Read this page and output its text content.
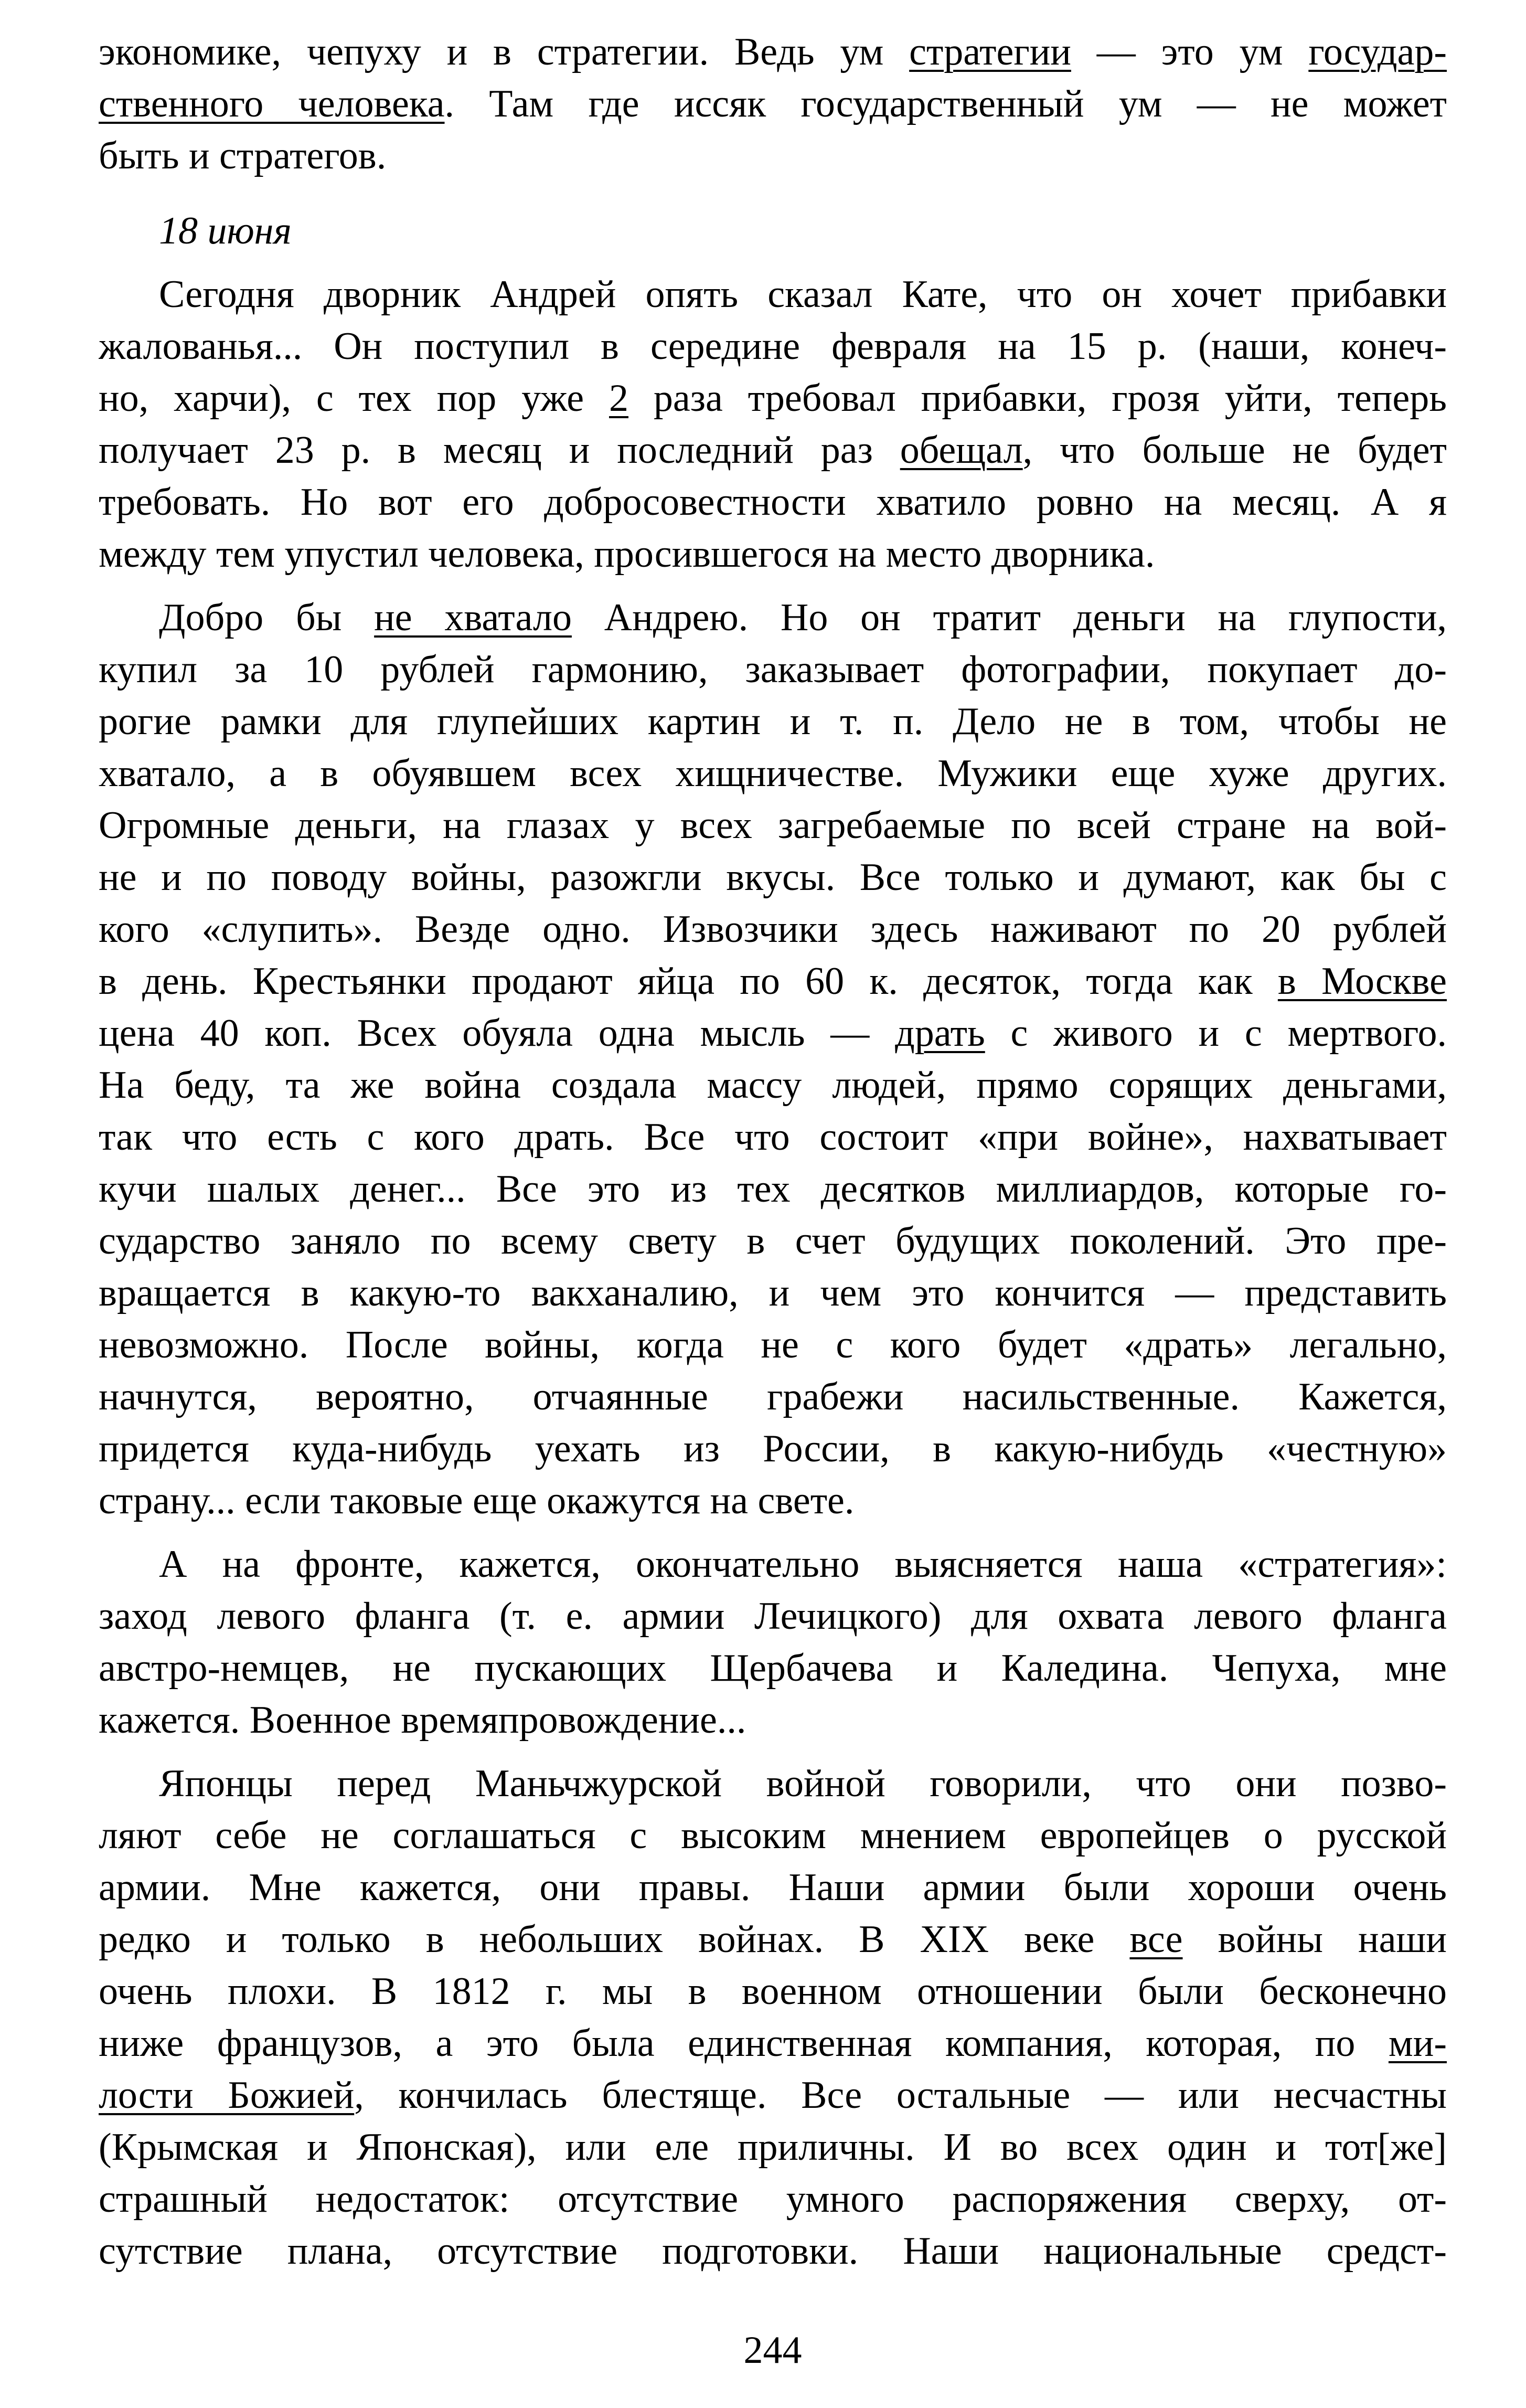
экономике, чепуху и в стратегии. Ведь ум стратегии — это ум государ-
ственного человека. Там где иссяк государственный ум — не может
быть и стратегов.
18 июня
Сегодня дворник Андрей опять сказал Кате, что он хочет прибавки
жалованья... Он поступил в середине февраля на 15 р. (наши, конеч-
но, харчи), с тех пор уже 2 раза требовал прибавки, грозя уйти, теперь
получает 23 р. в месяц и последний раз обещал, что больше не будет
требовать. Но вот его добросовестности хватило ровно на месяц. А я
между тем упустил человека, просившегося на место дворника.
Добро бы не хватало Андрею. Но он тратит деньги на глупости,
купил за 10 рублей гармонию, заказывает фотографии, покупает до-
рогие рамки для глупейших картин и т. п. Дело не в том, чтобы не
хватало, а в обуявшем всех хищничестве. Мужики еще хуже других.
Огромные деньги, на глазах у всех загребаемые по всей стране на вой-
не и по поводу войны, разожгли вкусы. Все только и думают, как бы с
кого «слупить». Везде одно. Извозчики здесь наживают по 20 рублей
в день. Крестьянки продают яйца по 60 к. десяток, тогда как в Москве
цена 40 коп. Всех обуяла одна мысль — драть с живого и с мертвого.
На беду, та же война создала массу людей, прямо сорящих деньгами,
так что есть с кого драть. Все что состоит «при войне», нахватывает
кучи шалых денег... Все это из тех десятков миллиардов, которые го-
сударство заняло по всему свету в счет будущих поколений. Это пре-
вращается в какую-то вакханалию, и чем это кончится — представить
невозможно. После войны, когда не с кого будет «драть» легально,
начнутся, вероятно, отчаянные грабежи насильственные. Кажется,
придется куда-нибудь уехать из России, в какую-нибудь «честную»
страну... если таковые еще окажутся на свете.
А на фронте, кажется, окончательно выясняется наша «стратегия»:
заход левого фланга (т. е. армии Лечицкого) для охвата левого фланга
австро-немцев, не пускающих Щербачева и Каледина. Чепуха, мне
кажется. Военное времяпровождение...
Японцы перед Маньчжурской войной говорили, что они позво-
ляют себе не соглашаться с высоким мнением европейцев о русской
армии. Мне кажется, они правы. Наши армии были хороши очень
редко и только в небольших войнах. В XIX веке все войны наши
очень плохи. В 1812 г. мы в военном отношении были бесконечно
ниже французов, а это была единственная компания, которая, по ми-
лости Божией, кончилась блестяще. Все остальные — или несчастны
(Крымская и Японская), или еле приличны. И во всех один и тот[же]
страшный недостаток: отсутствие умного распоряжения сверху, от-
сутствие плана, отсутствие подготовки. Наши национальные средст-
244
